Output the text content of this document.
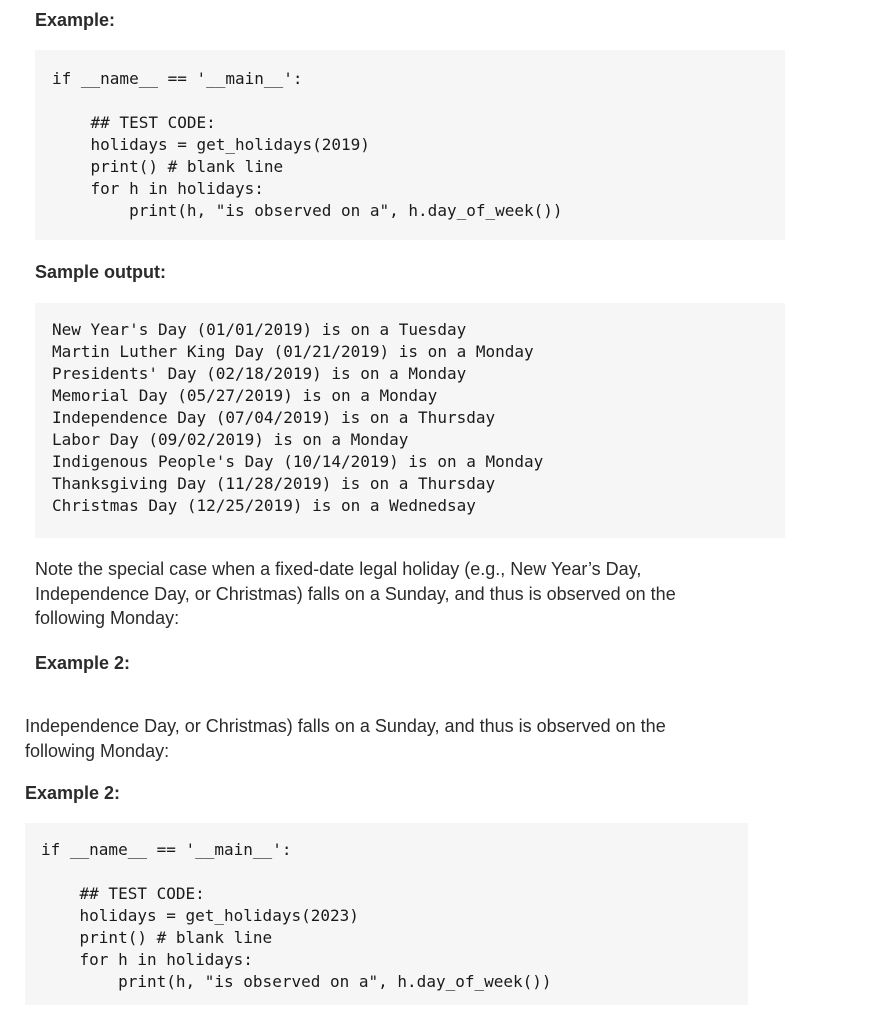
Example:
if __name__ == '__main__':
## TEST CODE:
holidays = get_holidays(2019)
print() # blank line
for h in holidays:
print(h, "is observed on a", h.day_of_week())
Sample output:
New Year's Day (01/01/2019) is on a Tuesday
Martin Luther King Day (01/21/2019) is on a Monday
Presidents' Day (02/18/2019) is on a Monday
Memorial Day (05/27/2019) is on a Monday
Independence Day (07/04/2019) is on a Thursday
Labor Day (09/02/2019) is on a Monday
Indigenous People's Day (10/14/2019) is on a Monday
Thanksgiving Day (11/28/2019) is on a Thursday
Christmas Day (12/25/2019) is on a Wednedsay
Note the special case when a fixed-date legal holiday (e.g., New Year’s Day,
Independence Day, or Christmas) falls on a Sunday, and thus is observed on the
following Monday:
Example 2:
Independence Day, or Christmas) falls on a Sunday, and thus is observed on the
following Monday:
Example 2:
if __name__ == '__main__':
## TEST CODE:
holidays = get_holidays(2023)
print() # blank line
for h in holidays:
print(h, "is observed on a", h.day_of_week())
